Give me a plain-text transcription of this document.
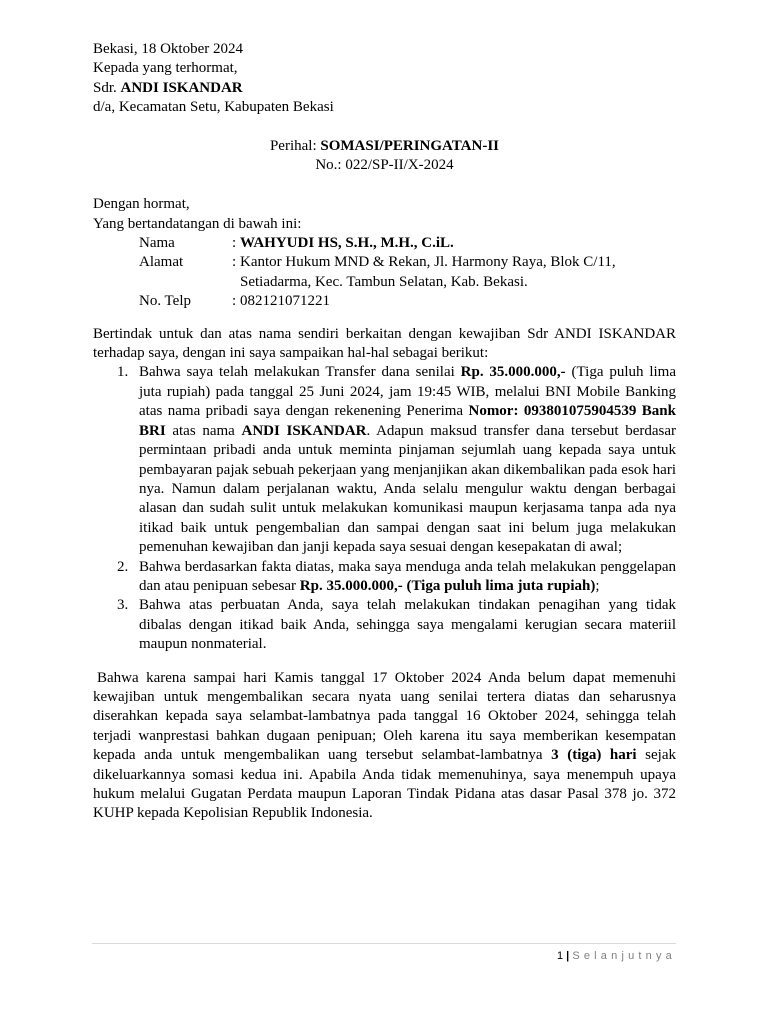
Bekasi, 18 Oktober 2024
Kepada yang terhormat,
Sdr. ANDI ISKANDAR
d/a, Kecamatan Setu, Kabupaten Bekasi
Perihal: SOMASI/PERINGATAN-II
No.: 022/SP-II/X-2024
Dengan hormat,
Yang bertandatangan di bawah ini:
Nama	: WAHYUDI HS, S.H., M.H., C.iL.
Alamat	: Kantor Hukum MND & Rekan, Jl. Harmony Raya, Blok C/11,
Setiadarma, Kec. Tambun Selatan, Kab. Bekasi.
No. Telp	: 082121071221
Bertindak untuk dan atas nama sendiri berkaitan dengan kewajiban Sdr ANDI ISKANDAR terhadap saya, dengan ini saya sampaikan hal-hal sebagai berikut:
1. Bahwa saya telah melakukan Transfer dana senilai Rp. 35.000.000,- (Tiga puluh lima juta rupiah) pada tanggal 25 Juni 2024, jam 19:45 WIB, melalui BNI Mobile Banking atas nama pribadi saya dengan rekenening Penerima Nomor: 093801075904539 Bank BRI atas nama ANDI ISKANDAR. Adapun maksud transfer dana tersebut berdasar permintaan pribadi anda untuk meminta pinjaman sejumlah uang kepada saya untuk pembayaran pajak sebuah pekerjaan yang menjanjikan akan dikembalikan pada esok hari nya. Namun dalam perjalanan waktu, Anda selalu mengulur waktu dengan berbagai alasan dan sudah sulit untuk melakukan komunikasi maupun kerjasama tanpa ada nya itikad baik untuk pengembalian dan sampai dengan saat ini belum juga melakukan pemenuhan kewajiban dan janji kepada saya sesuai dengan kesepakatan di awal;
2. Bahwa berdasarkan fakta diatas, maka saya menduga anda telah melakukan penggelapan dan atau penipuan sebesar Rp. 35.000.000,- (Tiga puluh lima juta rupiah);
3. Bahwa atas perbuatan Anda, saya telah melakukan tindakan penagihan yang tidak dibalas dengan itikad baik Anda, sehingga saya mengalami kerugian secara materiil maupun nonmaterial.
Bahwa karena sampai hari Kamis tanggal 17 Oktober 2024 Anda belum dapat memenuhi kewajiban untuk mengembalikan secara nyata uang senilai tertera diatas dan seharusnya diserahkan kepada saya selambat-lambatnya pada tanggal 16 Oktober 2024, sehingga telah terjadi wanprestasi bahkan dugaan penipuan; Oleh karena itu saya memberikan kesempatan kepada anda untuk mengembalikan uang tersebut selambat-lambatnya 3 (tiga) hari sejak dikeluarkannya somasi kedua ini. Apabila Anda tidak memenuhinya, saya menempuh upaya hukum melalui Gugatan Perdata maupun Laporan Tindak Pidana atas dasar Pasal 378 jo. 372 KUHP kepada Kepolisian Republik Indonesia.
1 | Selanjutnya
